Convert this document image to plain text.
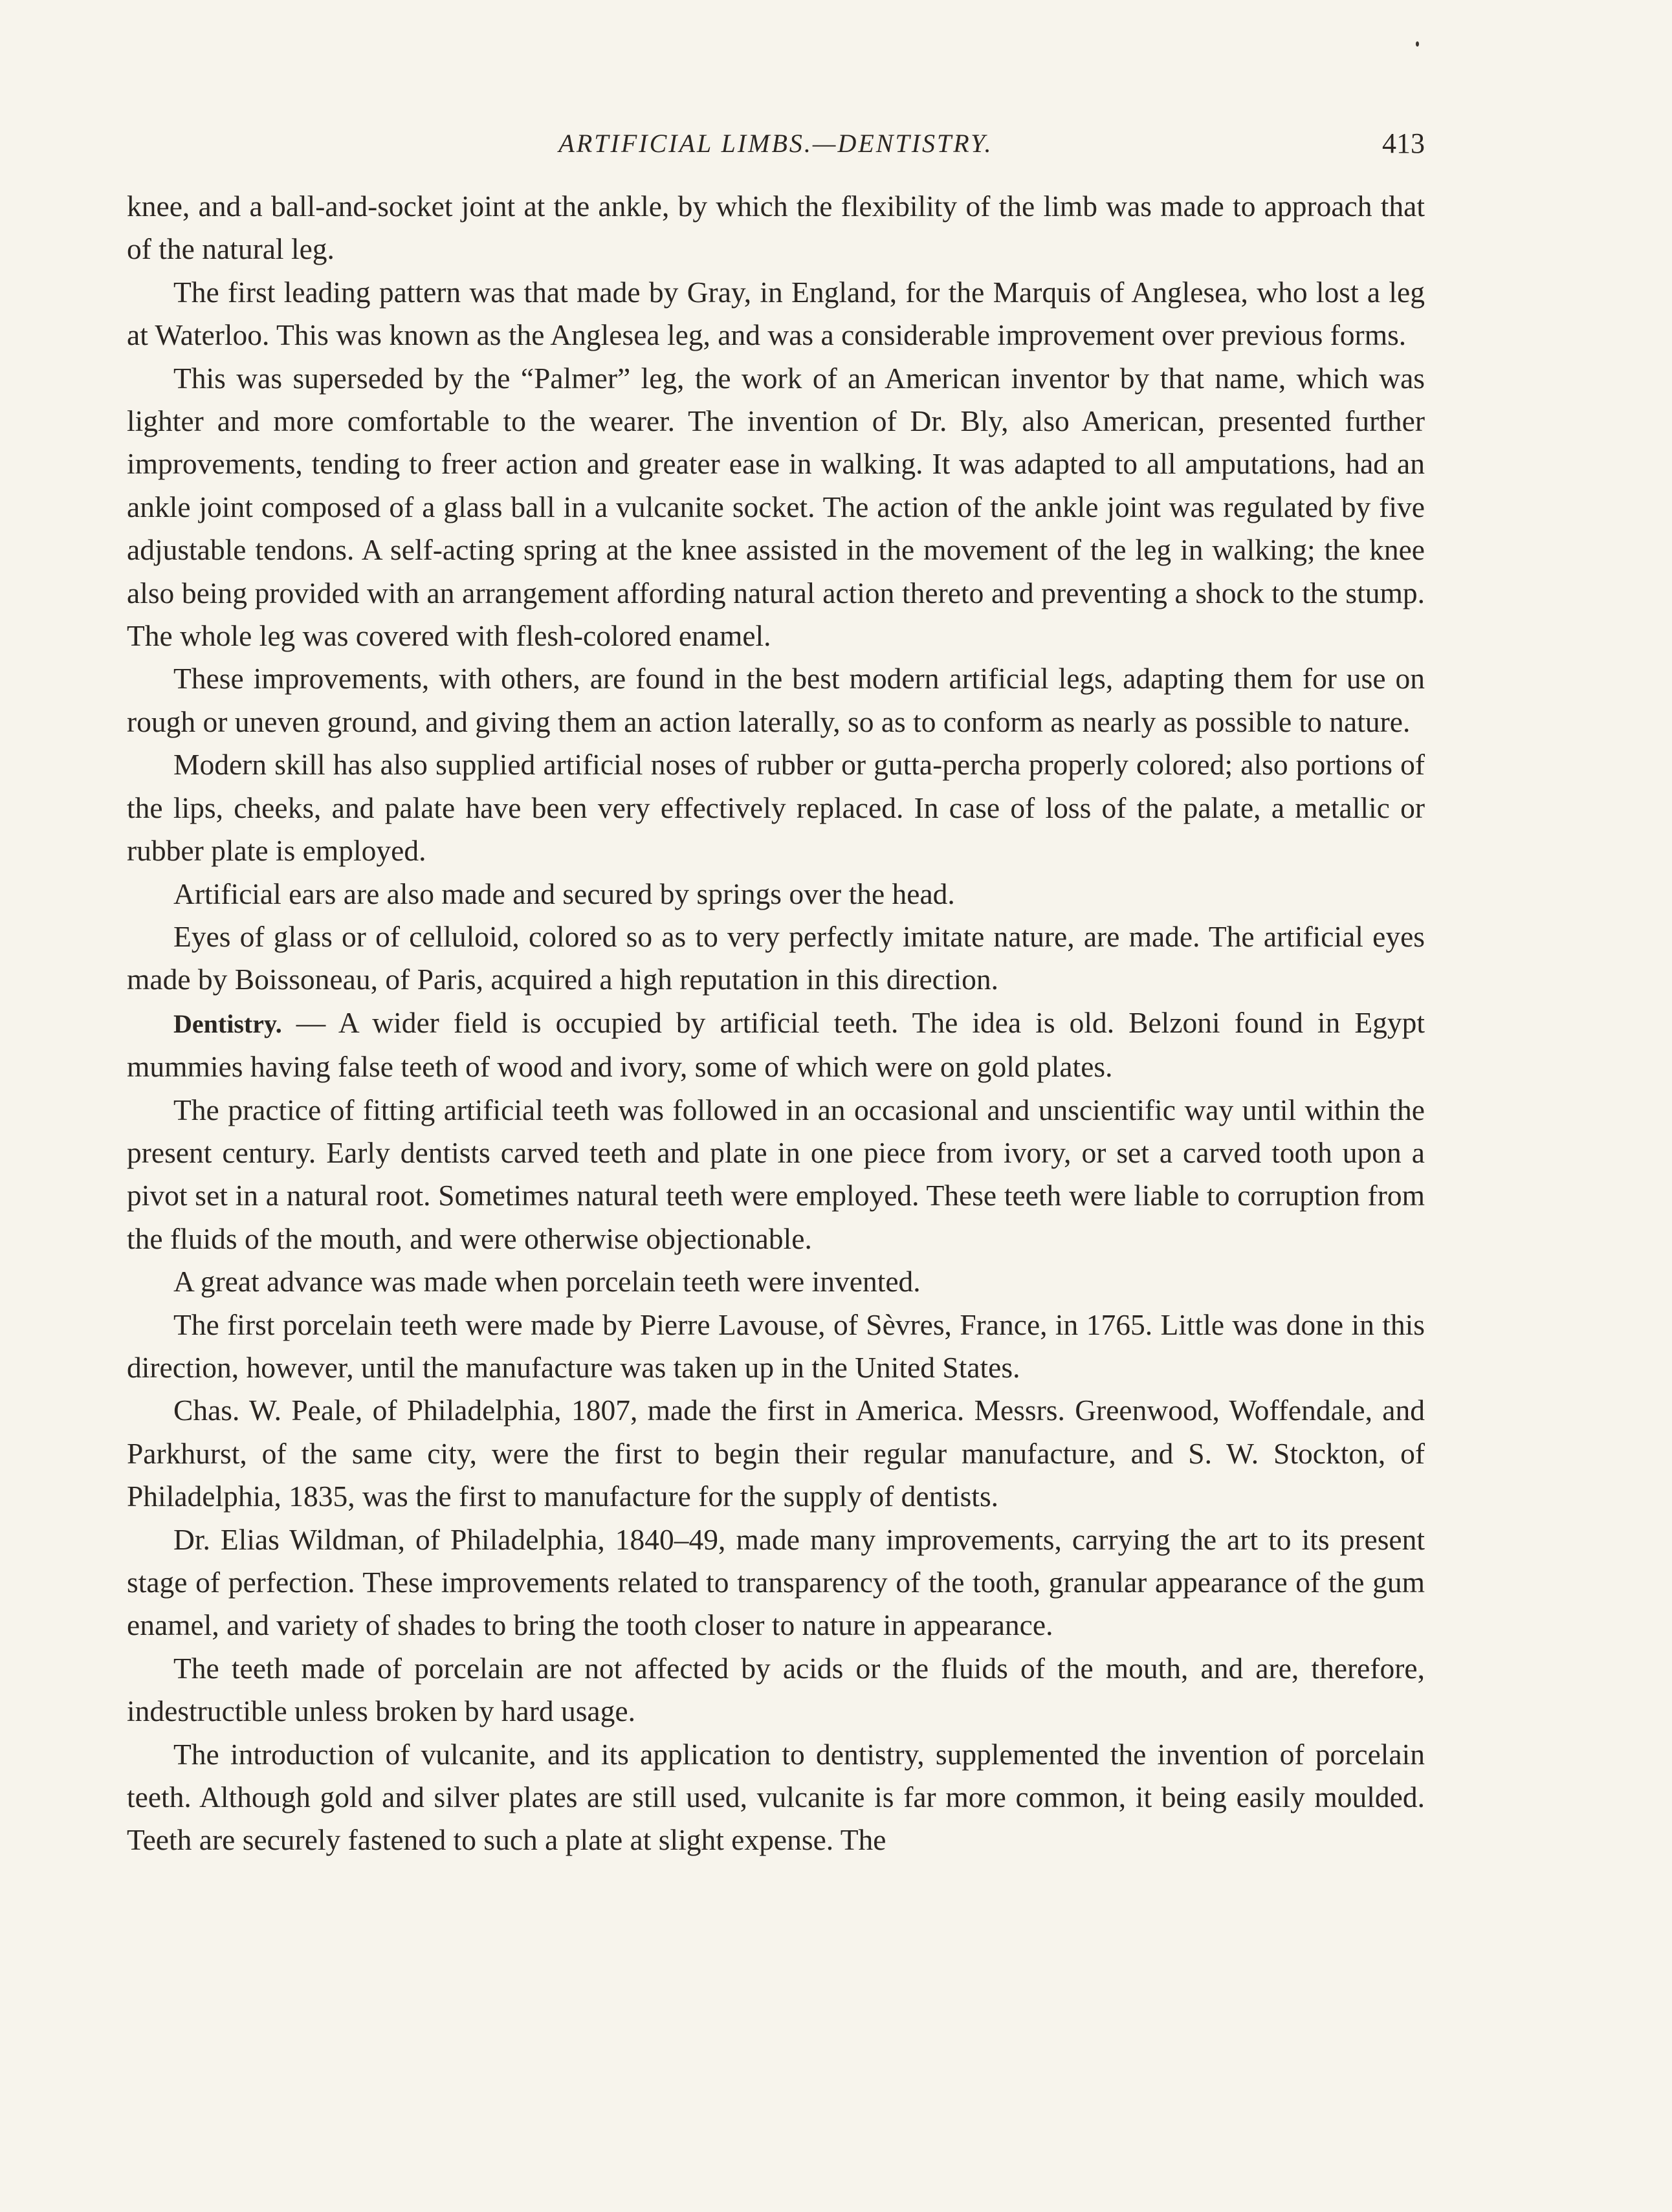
ARTIFICIAL LIMBS.—DENTISTRY.	413

knee, and a ball-and-socket joint at the ankle, by which the flexibility of the limb was made to approach that of the natural leg.

The first leading pattern was that made by Gray, in England, for the Marquis of Anglesea, who lost a leg at Waterloo. This was known as the Anglesea leg, and was a considerable improvement over previous forms.

This was superseded by the “Palmer” leg, the work of an American inventor by that name, which was lighter and more comfortable to the wearer. The invention of Dr. Bly, also American, presented further improvements, tending to freer action and greater ease in walking. It was adapted to all amputations, had an ankle joint composed of a glass ball in a vulcanite socket. The action of the ankle joint was regulated by five adjustable tendons. A self-acting spring at the knee assisted in the movement of the leg in walking; the knee also being provided with an arrangement affording natural action thereto and preventing a shock to the stump. The whole leg was covered with flesh-colored enamel.

These improvements, with others, are found in the best modern artificial legs, adapting them for use on rough or uneven ground, and giving them an action laterally, so as to conform as nearly as possible to nature.

Modern skill has also supplied artificial noses of rubber or gutta-percha properly colored; also portions of the lips, cheeks, and palate have been very effectively replaced. In case of loss of the palate, a metallic or rubber plate is employed.

Artificial ears are also made and secured by springs over the head.

Eyes of glass or of celluloid, colored so as to very perfectly imitate nature, are made. The artificial eyes made by Boissoneau, of Paris, acquired a high reputation in this direction.

Dentistry. — A wider field is occupied by artificial teeth. The idea is old. Belzoni found in Egypt mummies having false teeth of wood and ivory, some of which were on gold plates.

The practice of fitting artificial teeth was followed in an occasional and unscientific way until within the present century. Early dentists carved teeth and plate in one piece from ivory, or set a carved tooth upon a pivot set in a natural root. Sometimes natural teeth were employed. These teeth were liable to corruption from the fluids of the mouth, and were otherwise objectionable.

A great advance was made when porcelain teeth were invented.

The first porcelain teeth were made by Pierre Lavouse, of Sèvres, France, in 1765. Little was done in this direction, however, until the manufacture was taken up in the United States.

Chas. W. Peale, of Philadelphia, 1807, made the first in America. Messrs. Greenwood, Woffendale, and Parkhurst, of the same city, were the first to begin their regular manufacture, and S. W. Stockton, of Philadelphia, 1835, was the first to manufacture for the supply of dentists.

Dr. Elias Wildman, of Philadelphia, 1840–49, made many improvements, carrying the art to its present stage of perfection. These improvements related to transparency of the tooth, granular appearance of the gum enamel, and variety of shades to bring the tooth closer to nature in appearance.

The teeth made of porcelain are not affected by acids or the fluids of the mouth, and are, therefore, indestructible unless broken by hard usage.

The introduction of vulcanite, and its application to dentistry, supplemented the invention of porcelain teeth. Although gold and silver plates are still used, vulcanite is far more common, it being easily moulded. Teeth are securely fastened to such a plate at slight expense. The
